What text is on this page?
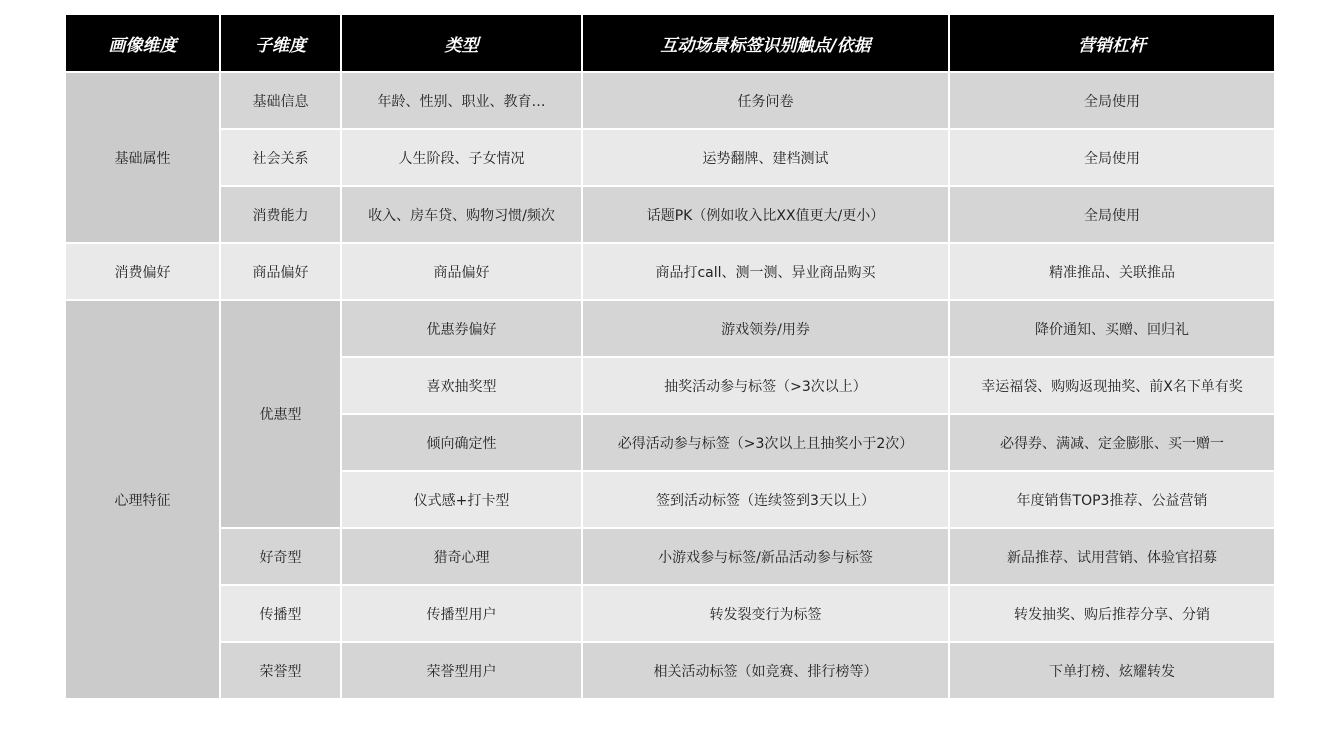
画像维度	子维度	类型	互动场景标签识别触点/依据	营销杠杆
基础属性	基础信息	年龄、性别、职业、教育…	任务问卷	全局使用
	社会关系	人生阶段、子女情况	运势翻牌、建档测试	全局使用
	消费能力	收入、房车贷、购物习惯/频次	话题PK（例如收入比XX值更大/更小）	全局使用
消费偏好	商品偏好	商品偏好	商品打call、测一测、异业商品购买	精准推品、关联推品
心理特征	优惠型	优惠券偏好	游戏领券/用券	降价通知、买赠、回归礼
		喜欢抽奖型	抽奖活动参与标签（>3次以上）	幸运福袋、购购返现抽奖、前X名下单有奖
		倾向确定性	必得活动参与标签（>3次以上且抽奖小于2次）	必得券、满减、定金膨胀、买一赠一
		仪式感+打卡型	签到活动标签（连续签到3天以上）	年度销售TOP3推荐、公益营销
	好奇型	猎奇心理	小游戏参与标签/新品活动参与标签	新品推荐、试用营销、体验官招募
	传播型	传播型用户	转发裂变行为标签	转发抽奖、购后推荐分享、分销
	荣誉型	荣誉型用户	相关活动标签（如竞赛、排行榜等）	下单打榜、炫耀转发
